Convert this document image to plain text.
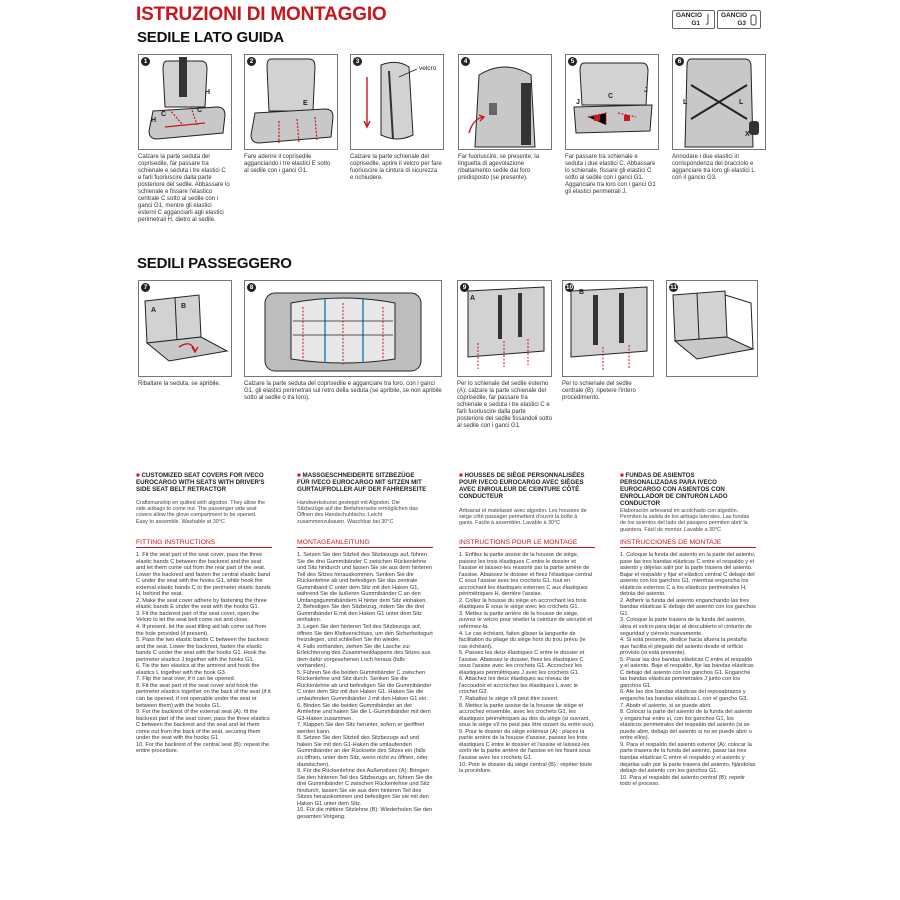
ISTRUZIONI DI MONTAGGIO
SEDILE LATO GUIDA
SEDILI PASSEGGERO
GANCIO
G1
GANCIO
G3
1
H
C
H
C
2
E
3
velcro
4	5
J
C
J
6
L	L
X
Calzare la parte seduta del coprisedile, far passare tra schienale e seduta i tre elastici C e farli fuoriuscire dalla parte posteriore del sedile. Abbassare lo schienale e fissare l'elastico centrale C sotto al sedile con i ganci G1, mentre gli elastici esterni C agganciarli agli elastici perimetrali H, dietro al sedile.
Fare aderire il coprisedile agganciando i tre elastici E sotto al sedile con i ganci G1.
Calzare la parte schienale del coprisedile, aprire il velcro per fare fuoriuscire la cintura di sicurezza e richiudere.
Far fuoriuscire, se presente, la linguetta di agevolazione ribaltamento sedile dal foro predisposto (se presente).
Far passare tra schienale e seduta i due elastici C. Abbassare lo schienale, fissare gli elastici C sotto al sedile con i ganci G1. Agganciare tra loro con i ganci G1 gli elastici perimetrali J.
Annodare i due elastici in corrispondenza del bracciolo e agganciare tra loro gli elastici L con il gancio G3.
7
A
B
8	9
A
10
B
11
Ribaltare la seduta, se apribile.	Calzare la parte seduta del coprisedile e agganciare tra loro, con i ganci G1, gli elastici perimetrali sul retro della seduta (se apribile, se non apribile sotto al sedile o tra loro).
Per lo schienale del sedile esterno (A): calzare la parte schienale del coprisedile, far passare tra schienale e seduta i tre elastici C e farli fuoriuscire dalla parte posteriore del sedile fissandoli sotto al sedile con i ganci G1.
Per lo schienale del sedile centrale (B): ripetere l'intero procedimento.
■ CUSTOMIZED SEAT COVERS FOR IVECO EUROCARGO WITH SEATS WITH DRIVER'S SIDE SEAT BELT RETRACTOR
Craftsmanship en quilted with algodon. They allow the side airbags to come out. The passenger side seat covers allow the glove compartment to be opened. Easy to assemble. Washable at 30°C
FITTING INSTRUCTIONS
1. Fit the seat part of the seat cover, pass the three elastic bands C between the backrest and the seat and let them come out from the rear part of the seat. Lower the backrest and fasten the central elastic band C under the seat with the hooks G1, while hook the external elastic bands C to the perimeter elastic bands H, behind the seat.
2. Make the seat cover adhere by fastening the three elastic bands E under the seat with the hooks G1.
3. Fit the backrest part of the seat cover, open the Velcro to let the seat belt come out and close.
4. If present, let the seat tilting aid tab come out from the hole provided (if present).
5. Pass the two elastic bands C between the backrest and the seat. Lower the backrest, fasten the elastic bands C under the seat with the hooks G1. Hook the perimeter elastics J together with the hooks G1.
6. Tie the two elastics at the armrest and hook the elastics L together with the hook G3.
7. Flip the seat over, if it can be opened.
8. Fit the seat part of the seat cover and hook the perimeter elastics together on the back of the seat (if it can be opened, if not openable under the seat or between them) with the hooks G1.
9. For the backrest of the external seat (A): fit the backrest part of the seat cover, pass the three elastics C between the backrest and the seat and let them come out from the back of the seat, securing them under the seat with the hooks G1.
10. For the backrest of the central seat (B): repeat the entire procedure.
■ MASSGESCHNEIDERTE SITZBEZÜGE FÜR IVECO EUROCARGO MIT SITZEN MIT GURTAUFROLLER AUF DER FAHRERSEITE
Handwerkskunst gesteppt mit Algodon. Die Sitzbezüge auf der Beifahrerseite ermöglichen das Öffnen des Handschuhfachs. Leicht zusammenzubauen. Waschbar bei 30°C
MONTAGEANLEITUNG
1. Setzen Sie den Sitzteil des Sitzbezugs auf, führen Sie die drei Gummibänder C zwischen Rückenlehne und Sitz hindurch und lassen Sie sie aus dem hinteren Teil des Sitzes herauskommen. Senken Sie die Rückenlehne ab und befestigen Sie das zentrale Gummiband C unter dem Sitz mit den Haken G1, während Sie die äußeren Gummibänder C an den Umfangsgummibändern H hinter dem Sitz einhaken.
2. Befestigen Sie den Sitzbezug, indem Sie die drei Gummibänder E mit den Haken G1 unter dem Sitz einhaken.
3. Legen Sie den hinteren Teil des Sitzbezugs auf, öffnen Sie den Klettverschluss, um den Sicherheitsgurt freizulegen, und schließen Sie ihn wieder.
4. Falls vorhanden, ziehen Sie die Lasche zur Erleichterung des Zusammenklappens des Sitzes aus dem dafür vorgesehenen Loch heraus (falls vorhanden).
5. Führen Sie die beiden Gummibänder C zwischen Rückenlehne und Sitz durch. Senken Sie die Rückenlehne ab und befestigen Sie die Gummibänder C unter dem Sitz mit den Haken G1. Haken Sie die umlaufenden Gummibänder J mit den Haken G1 ein.
6. Binden Sie die beiden Gummibänder an der Armlehne und haken Sie die L-Gummibänder mit dem G3-Haken zusammen.
7. Klappen Sie den Sitz herunter, sofern er geöffnet werden kann.
8. Setzen Sie den Sitzteil des Sitzbezugs auf und haken Sie mit den G1-Haken die umlaufenden Gummibänder an der Rückseite des Sitzes ein (falls zu öffnen, unter dem Sitz, wenn nicht zu öffnen, oder dazwischen).
9. Für die Rückenlehne des Außensitzes (A): Bringen Sie den hinteren Teil des Sitzbezugs an, führen Sie die drei Gummibänder C zwischen Rückenlehne und Sitz hindurch, lassen Sie sie aus dem hinteren Teil des Sitzes herauskommen und befestigen Sie sie mit den Haken G1 unter dem Sitz.
10. Für die mittlere Sitzlehne (B): Wiederholen Sie den gesamten Vorgang.
■ HOUSSES DE SIÈGE PERSONNALISÉES POUR IVECO EUROCARGO AVEC SIÈGES AVEC ENROULEUR DE CEINTURE CÔTÉ CONDUCTEUR
Artisanat et matelassé avec algodon. Les housses de siège côté passager permettent d'ouvrir la boîte à gants. Facile à assembler. Lavable à 30°C
INSTRUCTIONS POUR LE MONTAGE
1. Enfilez la partie assise de la housse de siège, passez les trois élastiques C entre le dossier et l'assise et laissez-les ressortir par la partie arrière de l'assise. Abaissez le dossier et fixez l'élastique central C sous l'assise avec les crochets G1, tout en accrochant les élastiques externes C aux élastiques périmétriques H, derrière l'assise.
2. Collez la housse du siège en accrochant les trois élastiques E sous le siège avec les crochets G1.
3. Mettez la partie arrière de la housse de siège, ouvrez le velcro pour révéler la ceinture de sécurité et refermez-la.
4. Le cas échéant, faites glisser la languette de facilitation du pliage du siège hors du trou prévu (le cas échéant).
5. Passez les deux élastiques C entre le dossier et l'assise. Abaissez le dossier, fixez les élastiques C sous l'assise avec les crochets G1. Accrochez les élastiques périmétriques J avec les crochets G1.
6. Attachez les deux élastiques au niveau de l'accoudoir et accrochez les élastiques L avec le crochet G3.
7. Rabattez le siège s'il peut être ouvert.
8. Mettez la partie assise de la housse de siège et accrochez ensemble, avec les crochets G1, les élastiques périmétriques au dos du siège (si ouvrant, sous le siège s'il ne peut pas être ouvert ou entre eux).
9. Pour le dossier du siège extérieur (A) : placez la partie arrière de la housse d'assise, passez les trois élastiques C entre le dossier et l'assise et laissez-les sortir de la partie arrière de l'assise en les fixant sous l'assise avec les crochets G1.
10. Pour le dossier du siège central (B) : répéter toute la procédure.
■ FUNDAS DE ASIENTOS PERSONALIZADAS PARA IVECO EUROCARGO CON ASIENTOS CON ENROLLADOR DE CINTURÓN LADO CONDUCTOR
Elaboración artesanal en acolchado con algodón. Permiten la salida de los airbags laterales. Las fundas de los asientos del lado del pasajero permiten abrir la guantera. Fácil de montar. Lavable a 30°C
INSTRUCCIONES DE MONTAJE
1. Coloque la funda del asiento en la parte del asiento, pase las tres bandas elásticas C entre el respaldo y el asiento y déjelas salir por la parte trasera del asiento. Bajar el respaldo y fijar el elástico central C debajo del asiento con los ganchos G1, mientras engancha los elásticos externos C a los elásticos perimetrales H, detrás del asiento.
2. Adherir la funda del asiento enganchando las tres bandas elásticas E debajo del asiento con los ganchos G1.
3. Coloque la parte trasera de la funda del asiento, abra el velcro para dejar al descubierto el cinturón de seguridad y ciérrelo nuevamente.
4. Si está presente, deslice hacia afuera la pestaña que facilita el plegado del asiento desde el orificio provisto (si está presente).
5. Pasar las dos bandas elásticas C entre el respaldo y el asiento. Baje el respaldo, fije las bandas elásticas C debajo del asiento con los ganchos G1. Enganche las bandas elásticas perimetrales J junto con los ganchos G1.
6. Ate las dos bandas elásticas del reposabrazos y enganche las bandas elásticas L con el gancho G3.
7. Abatir el asiento, si se puede abrir.
8. Colocar la parte del asiento de la funda del asiento y enganchar entre sí, con los ganchos G1, los elásticos perimetrales del respaldo del asiento (si se puede abrir, debajo del asiento si no se puede abrir o entre ellos).
9. Para el respaldo del asiento exterior (A): colocar la parte trasera de la funda del asiento, pasar las tres bandas elásticas C entre el respaldo y el asiento y dejarlas salir por la parte trasera del asiento, fijándolas debajo del asiento con los ganchos G1.
10. Para el respaldo del asiento central (B): repetir todo el proceso.
